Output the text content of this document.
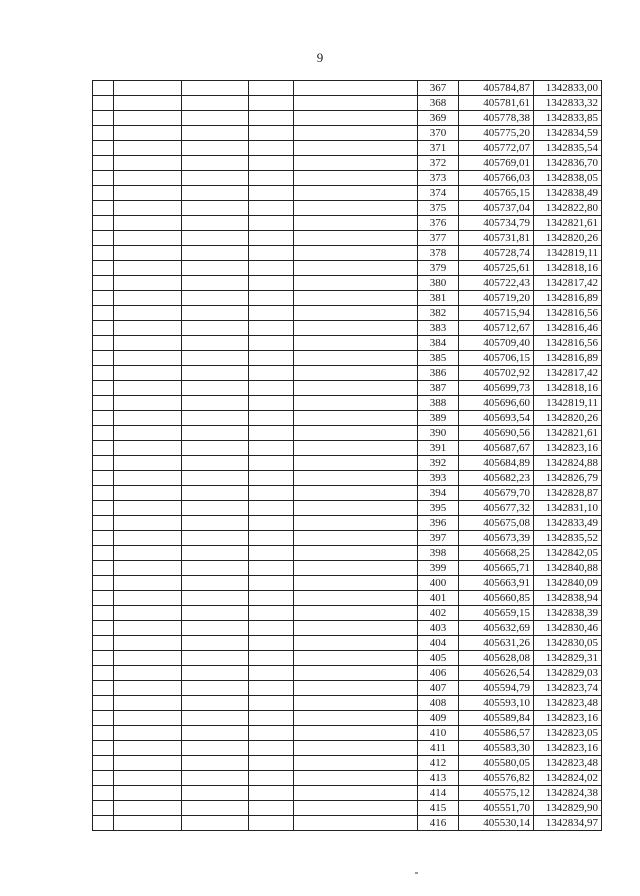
9
					367	405784,87	1342833,00
					368	405781,61	1342833,32
					369	405778,38	1342833,85
					370	405775,20	1342834,59
					371	405772,07	1342835,54
					372	405769,01	1342836,70
					373	405766,03	1342838,05
					374	405765,15	1342838,49
					375	405737,04	1342822,80
					376	405734,79	1342821,61
					377	405731,81	1342820,26
					378	405728,74	1342819,11
					379	405725,61	1342818,16
					380	405722,43	1342817,42
					381	405719,20	1342816,89
					382	405715,94	1342816,56
					383	405712,67	1342816,46
					384	405709,40	1342816,56
					385	405706,15	1342816,89
					386	405702,92	1342817,42
					387	405699,73	1342818,16
					388	405696,60	1342819,11
					389	405693,54	1342820,26
					390	405690,56	1342821,61
					391	405687,67	1342823,16
					392	405684,89	1342824,88
					393	405682,23	1342826,79
					394	405679,70	1342828,87
					395	405677,32	1342831,10
					396	405675,08	1342833,49
					397	405673,39	1342835,52
					398	405668,25	1342842,05
					399	405665,71	1342840,88
					400	405663,91	1342840,09
					401	405660,85	1342838,94
					402	405659,15	1342838,39
					403	405632,69	1342830,46
					404	405631,26	1342830,05
					405	405628,08	1342829,31
					406	405626,54	1342829,03
					407	405594,79	1342823,74
					408	405593,10	1342823,48
					409	405589,84	1342823,16
					410	405586,57	1342823,05
					411	405583,30	1342823,16
					412	405580,05	1342823,48
					413	405576,82	1342824,02
					414	405575,12	1342824,38
					415	405551,70	1342829,90
					416	405530,14	1342834,97
